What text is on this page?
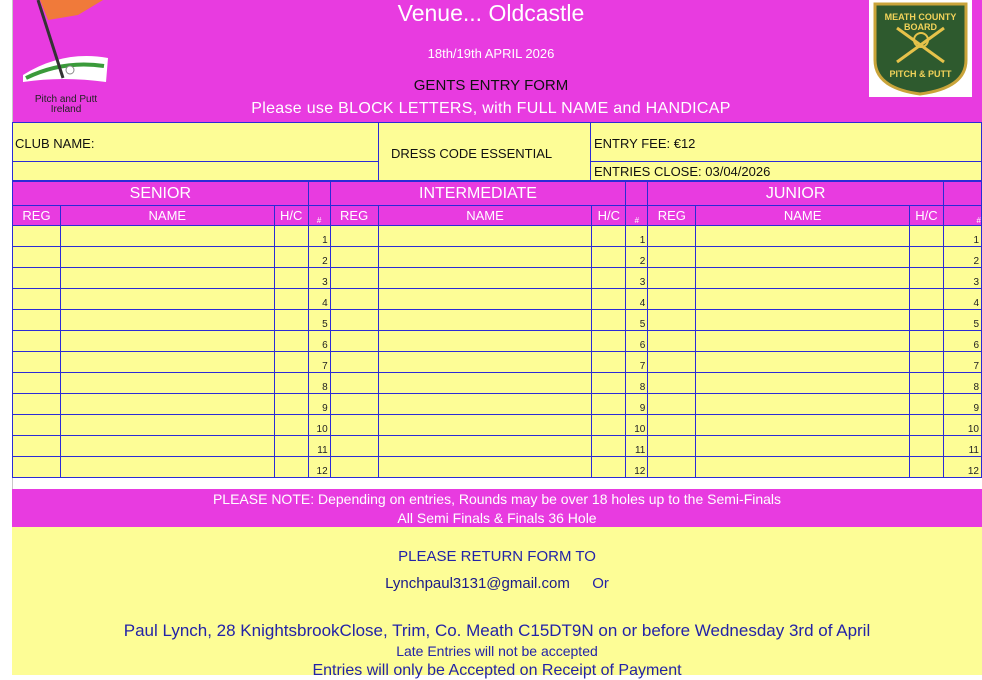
Pitch and Putt
Ireland
MEATH COUNTY BOARD
PITCH & PUTT
Venue... Oldcastle
18th/19th APRIL 2026
GENTS ENTRY FORM
Please use BLOCK LETTERS, with FULL NAME and HANDICAP
CLUB NAME:
DRESS CODE ESSENTIAL
ENTRY FEE: €12
ENTRIES CLOSE: 03/04/2026
SENIOR				INTERMEDIATE				JUNIOR			
REG	NAME	H/C	#	REG	NAME	H/C	#	REG	NAME	H/C	#
			1				1				1
			2				2				2
			3				3				3
			4				4				4
			5				5				5
			6				6				6
			7				7				7
			8				8				8
			9				9				9
			10				10				10
			11				11				11
			12				12				12
PLEASE NOTE: Depending on entries, Rounds may be over 18 holes up to the Semi-Finals
All Semi Finals & Finals 36 Hole
PLEASE RETURN FORM TO
Lynchpaul3131@gmail.com Or
Paul Lynch, 28 KnightsbrookClose, Trim, Co. Meath C15DT9N on or before Wednesday 3rd of April
Late Entries will not be accepted
Entries will only be Accepted on Receipt of Payment
